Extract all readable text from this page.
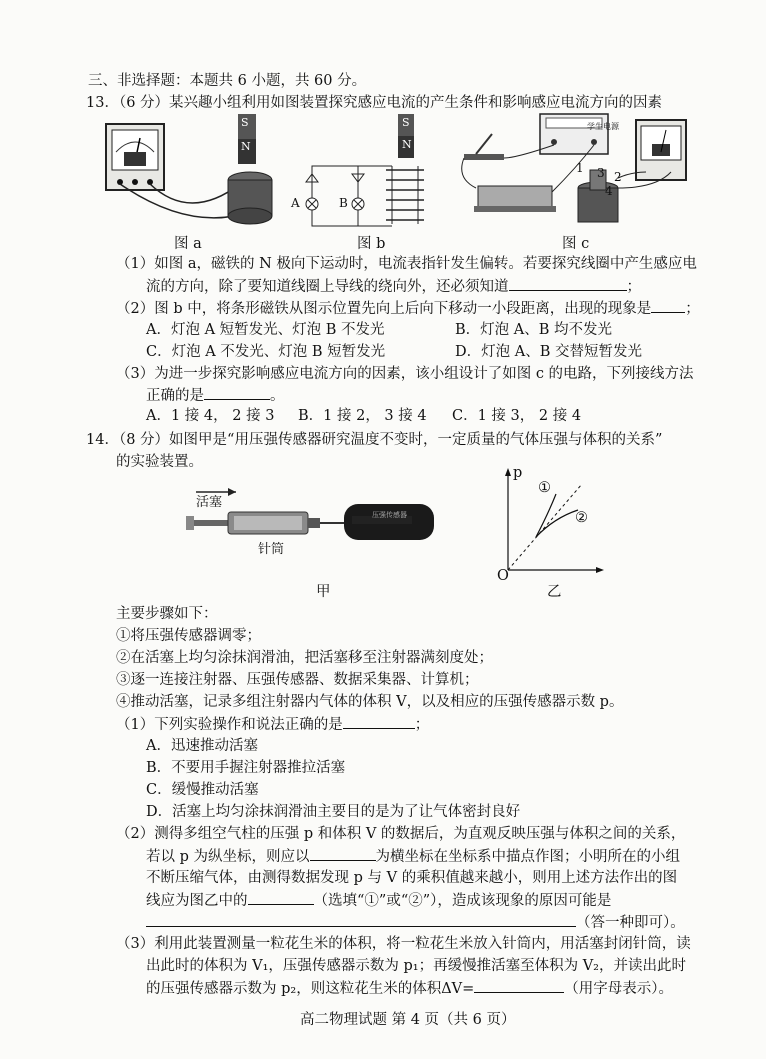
三、非选择题：本题共 6 小题，共 60 分。
13．（6 分）某兴趣小组利用如图装置探究感应电流的产生条件和影响感应电流方向的因素
S
N
S
N
A	B
学生电源
1 3 2
4
图 a	图 b	图 c
（1）如图 a，磁铁的 N 极向下运动时，电流表指针发生偏转。若要探究线圈中产生感应电
流的方向，除了要知道线圈上导线的绕向外，还必须知道	；
（2）图 b 中，将条形磁铁从图示位置先向上后向下移动一小段距离，出现的现象是 ；
A．灯泡 A 短暂发光、灯泡 B 不发光	B．灯泡 A、B 均不发光
C．灯泡 A 不发光、灯泡 B 短暂发光	D．灯泡 A、B 交替短暂发光
（3）为进一步探究影响感应电流方向的因素，该小组设计了如图 c 的电路，下列接线方法
正确的是	。
A．1 接 4， 2 接 3 B．1 接 2， 3 接 4 C．1 接 3， 2 接 4
14．（8 分）如图甲是“用压强传感器研究温度不变时，一定质量的气体压强与体积的关系”
的实验装置。
活塞
针筒
压强传感器
p
O
①
②
甲	乙
主要步骤如下：
①将压强传感器调零；
②在活塞上均匀涂抹润滑油，把活塞移至注射器满刻度处；
③逐一连接注射器、压强传感器、数据采集器、计算机；
④推动活塞，记录多组注射器内气体的体积 V，以及相应的压强传感器示数 p。
（1）下列实验操作和说法正确的是	；
A．迅速推动活塞
B．不要用手握注射器推拉活塞
C．缓慢推动活塞
D．活塞上均匀涂抹润滑油主要目的是为了让气体密封良好
（2）测得多组空气柱的压强 p 和体积 V 的数据后，为直观反映压强与体积之间的关系，
若以 p 为纵坐标，则应以	为横坐标在坐标系中描点作图；小明所在的小组
不断压缩气体，由测得数据发现 p 与 V 的乘积值越来越小，则用上述方法作出的图
线应为图乙中的	（选填“①”或“②”），造成该现象的原因可能是
（答一种即可）。
（3）利用此装置测量一粒花生米的体积，将一粒花生米放入针筒内，用活塞封闭针筒，读
出此时的体积为 V₁，压强传感器示数为 p₁；再缓慢推活塞至体积为 V₂，并读出此时
的压强传感器示数为 p₂，则这粒花生米的体积ΔV=	（用字母表示）。
高二物理试题 第 4 页（共 6 页）
